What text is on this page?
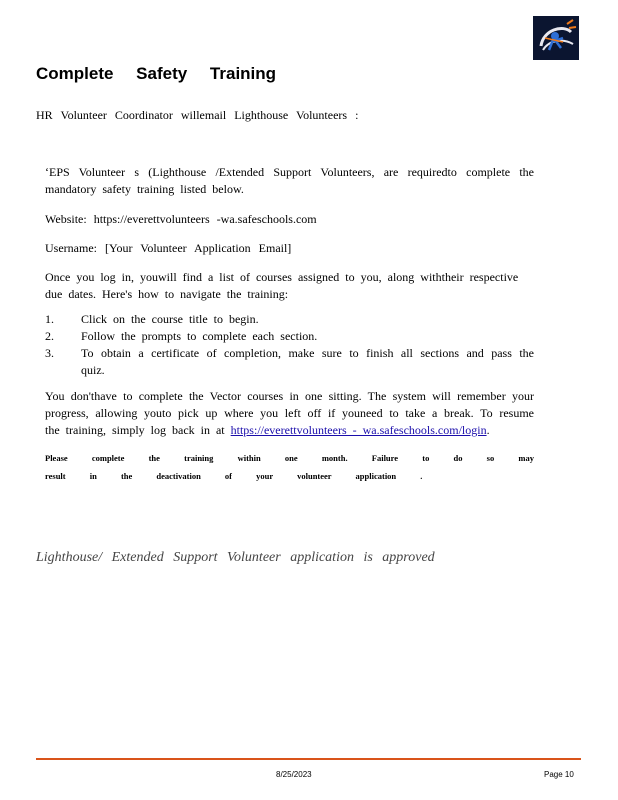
Complete Safety Training

HR Volunteer Coordinator willemail Lighthouse Volunteers :

‘EPS Volunteer s (Lighthouse /Extended Support Volunteers, are requiredto complete the mandatory safety training listed below.

Website: https://everettvolunteers -wa.safeschools.com

Username: [Your Volunteer Application Email]

Once you log in, youwill find a list of courses assigned to you, along withtheir respective due dates. Here's how to navigate the training:

1. Click on the course title to begin.
2. Follow the prompts to complete each section.
3. To obtain a certificate of completion, make sure to finish all sections and pass the quiz.

You don'thave to complete the Vector courses in one sitting. The system will remember your progress, allowing youto pick up where you left off if youneed to take a break. To resume the training, simply log back in at https://everettvolunteers - wa.safeschools.com/login.

Please complete the training within one month. Failure to do so may result in the deactivation of your volunteer application .

Lighthouse/ Extended Support Volunteer application is approved

8/25/2023	Page 10
